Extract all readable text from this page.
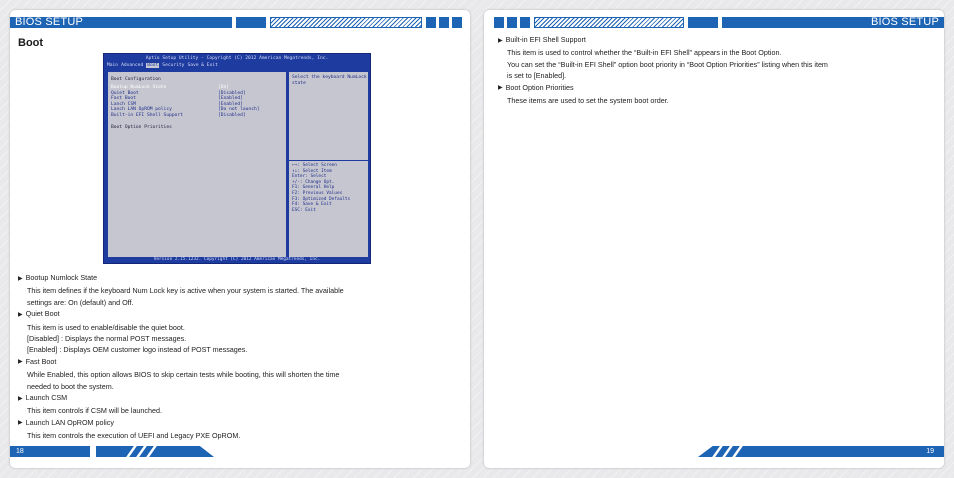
BIOS SETUP
Boot
Aptio Setup Utility - Copyright (C) 2012 American Megatrends, Inc.
Main Advanced Boot Security Save & Exit
Boot Configuration
Bootup NumLock State	[On]
Quiet Boot	[Disabled]
Fast Boot	[Enabled]
Lanch CSM	[Enabled]
Lanch LAN OpROM policy	[Do not launch]
Built-in EFI Shell Support	[Disabled]
Boot Option Priorities
Select the keyboard NumLock state
←→: Select Screen
↑↓: Select Item
Enter: Select
+/-: Change Opt.
F1: General Help
F2: Previous Values
F3: Optimized Defaults
F4: Save & Exit
ESC: Exit
Version 2.15.1232. Copyright (C) 2012 American Megatrends, Inc.
▶ Bootup Numlock State
This item defines if the keyboard Num Lock key is active when your system is started. The available
settings are: On (default) and Off.
▶ Quiet Boot
This item is used to enable/disable the quiet boot.
[Disabled] : Displays the normal POST messages.
[Enabled] : Displays OEM customer logo instead of POST messages.
▶ Fast Boot
While Enabled, this option allows BIOS to skip certain tests while booting, this will shorten the time
needed to boot the system.
▶ Launch CSM
This item controls if CSM will be launched.
▶ Launch LAN OpROM policy
This item controls the execution of UEFI and Legacy PXE OpROM.
18
BIOS SETUP
▶ Built-in EFI Shell Support
This item is used to control whether the “Built-in EFI Shell” appears in the Boot Option.
You can set the “Built-in EFI Shell” option boot priority in “Boot Option Priorities” listing when this item
is set to [Enabled].
▶ Boot Option Priorities
These items are used to set the system boot order.
19
